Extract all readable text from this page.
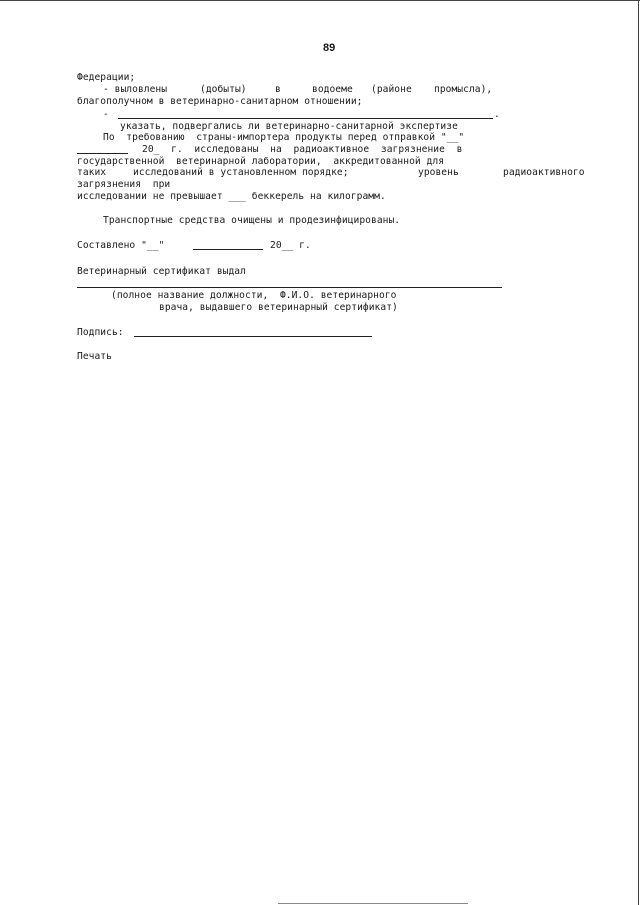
89
Федерации;
- выловлены	(добыты)	в	водоеме (районе промысла),
благополучном в ветеринарно-санитарном отношении;
-	.
указать, подвергались ли ветеринарно-санитарной экспертизе
По  требованию  страны-импортера продукты перед отправкой "__"
20_  г.  исследованы  на  радиоактивное  загрязнение  в
государственной  ветеринарной лаборатории,  аккредитованной для
таких	исследований в установленном порядке;	уровень	радиоактивного
загрязнения  при
исследовании не превышает ___ беккерель на килограмм.
Транспортные средства очищены и продезинфицированы.
Составлено "__"	20__ г.
Ветеринарный сертификат выдал
(полное название должности,  Ф.И.О. ветеринарного
врача, выдавшего ветеринарный сертификат)
Подпись:
Печать
